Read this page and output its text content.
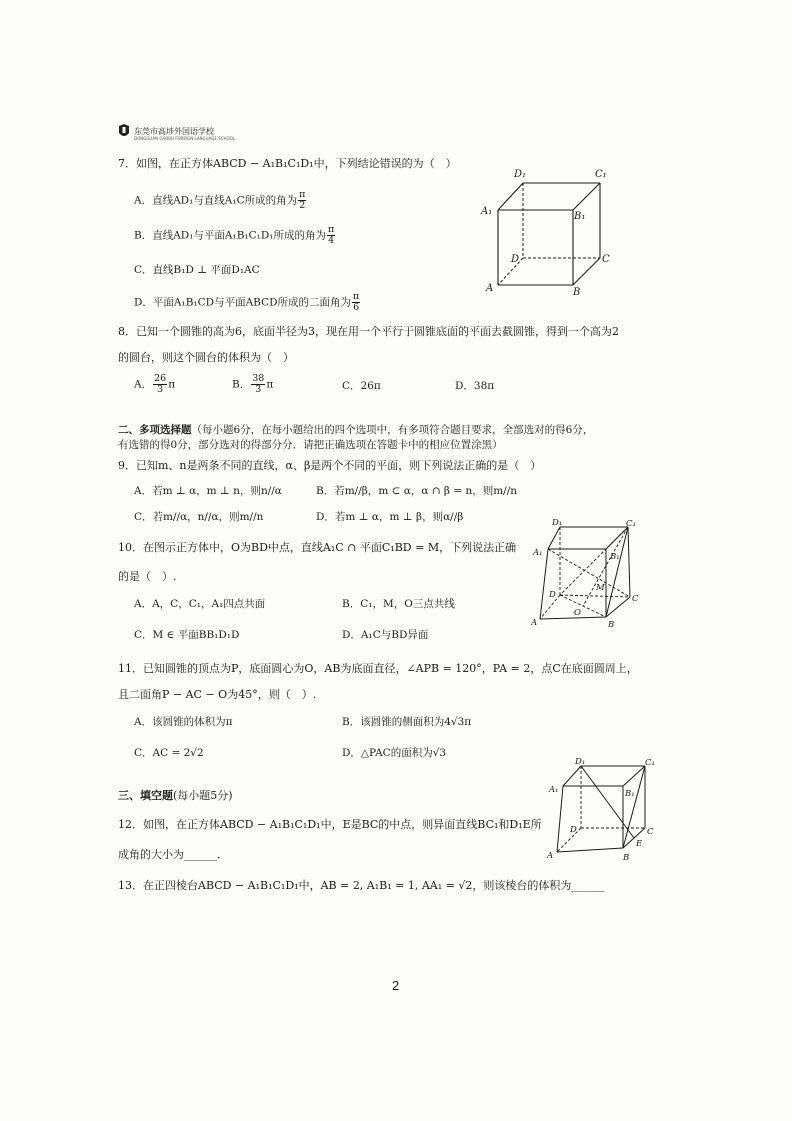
东莞市高埗外国语学校
DONGGUAN GAOBU FOREIGN LANGUAGE SCHOOL
7．如图，在正方体ABCD − A₁B₁C₁D₁中，下列结论错误的为（　）
A．直线AD₁与直线A₁C所成的角为 $\frac{\pi}{2}$
B．直线AD₁与平面A₁B₁C₁D₁所成的角为 $\frac{\pi}{4}$
C．直线B₁D ⊥ 平面D₁AC
D．平面A₁B₁CD与平面ABCD所成的二面角为 $\frac{\pi}{6}$
D₁	C₁
A₁	B₁
D	C
A	B
8．已知一个圆锥的高为6，底面半径为3，现在用一个平行于圆锥底面的平面去截圆锥，得到一个高为2
的圆台，则这个圆台的体积为（　）
A． $\frac{26}{3}$ π	B． $\frac{38}{3}$ π	C．26π	D．38π
二、多项选择题（每小题6分，在每小题给出的四个选项中，有多项符合题目要求，全部选对的得6分，
有选错的得0分，部分选对的得部分分．请把正确选项在答题卡中的相应位置涂黑）
9．已知m、n是两条不同的直线，α、β是两个不同的平面，则下列说法正确的是（　）
A．若m ⊥ α，m ⊥ n，则n//α	B．若m//β，m ⊂ α，α ∩ β = n，则m//n
C．若m//α，n//α，则m//n	D．若m ⊥ α，m ⊥ β，则α//β
10．在图示正方体中，O为BD中点，直线A₁C ∩ 平面C₁BD = M，下列说法正确
的是（　）.
A．A，C，C₁，A₁四点共面	B．C₁，M，O三点共线
C．M ∈ 平面BB₁D₁D	D．A₁C与BD异面
D₁	C₁
A₁	B₁
M
D	C
O
A	B
11．已知圆锥的顶点为P，底面圆心为O，AB为底面直径，∠APB = 120°，PA = 2，点C在底面圆周上，
且二面角P − AC − O为45°，则（　）.
A．该圆锥的体积为π	B．该圆锥的侧面积为4√3π
C．AC = 2√2	D．△PAC的面积为√3
三、填空题(每小题5分)
12．如图，在正方体ABCD − A₁B₁C₁D₁中，E是BC的中点，则异面直线BC₁和D₁E所
成角的大小为______．
D₁	C₁
A₁	B₁
D	C
E
A	B
13．在正四棱台ABCD − A₁B₁C₁D₁中，AB = 2, A₁B₁ = 1, AA₁ = √2，则该棱台的体积为______
2
